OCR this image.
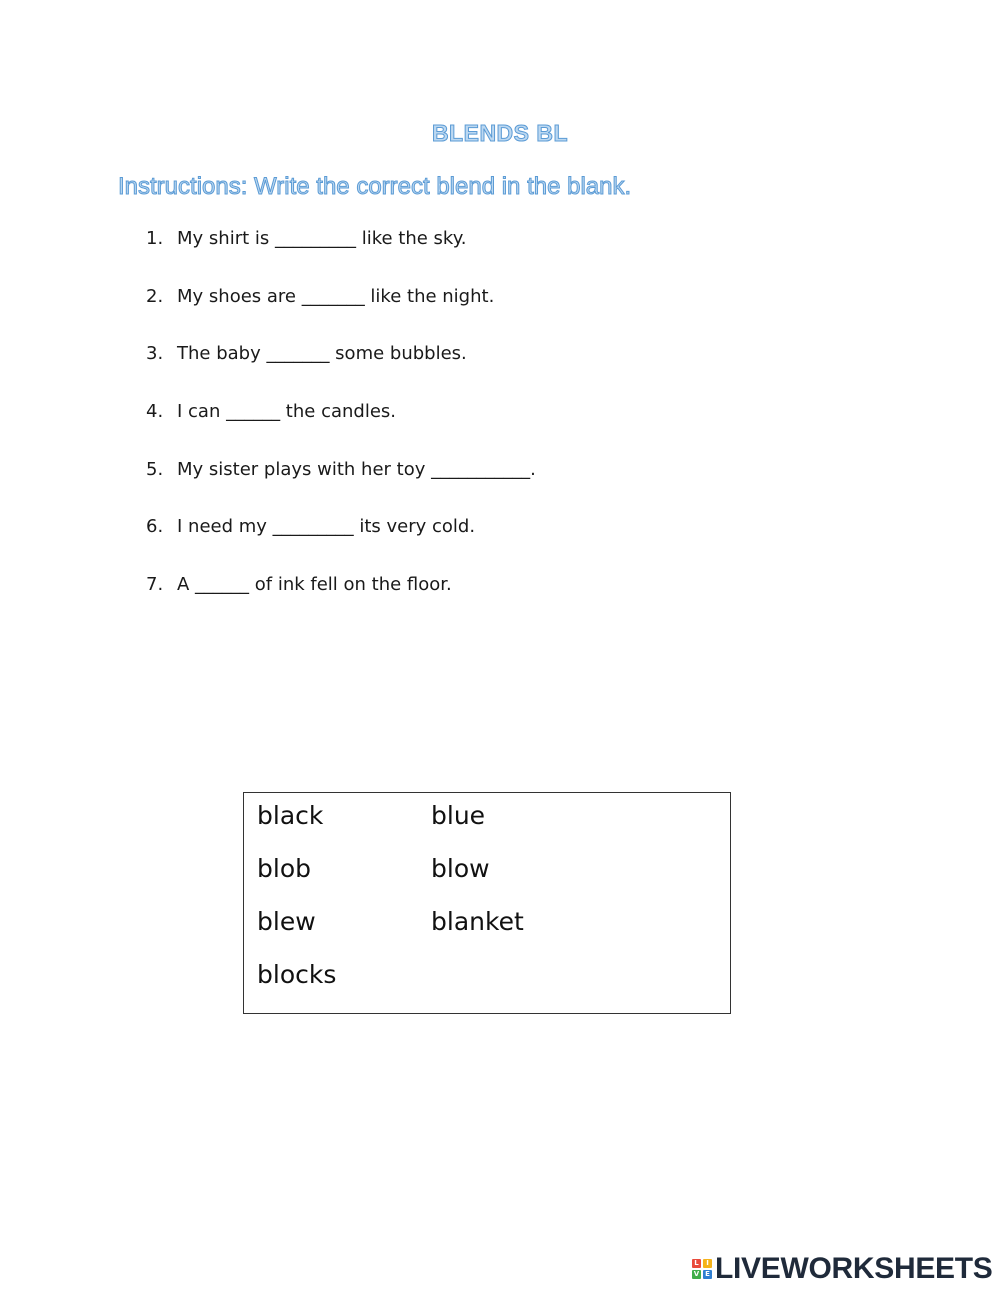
BLENDS BL

Instructions: Write the correct blend in the blank.

1. My shirt is _________ like the sky.
2. My shoes are _______ like the night.
3. The baby _______ some bubbles.
4. I can ______ the candles.
5. My sister plays with her toy ___________.
6. I need my _________ its very cold.
7. A ______ of ink fell on the floor.
black
blob
blew
blocks
blue
blow
blanket
L	I
V E LIVEWORKSHEETS
